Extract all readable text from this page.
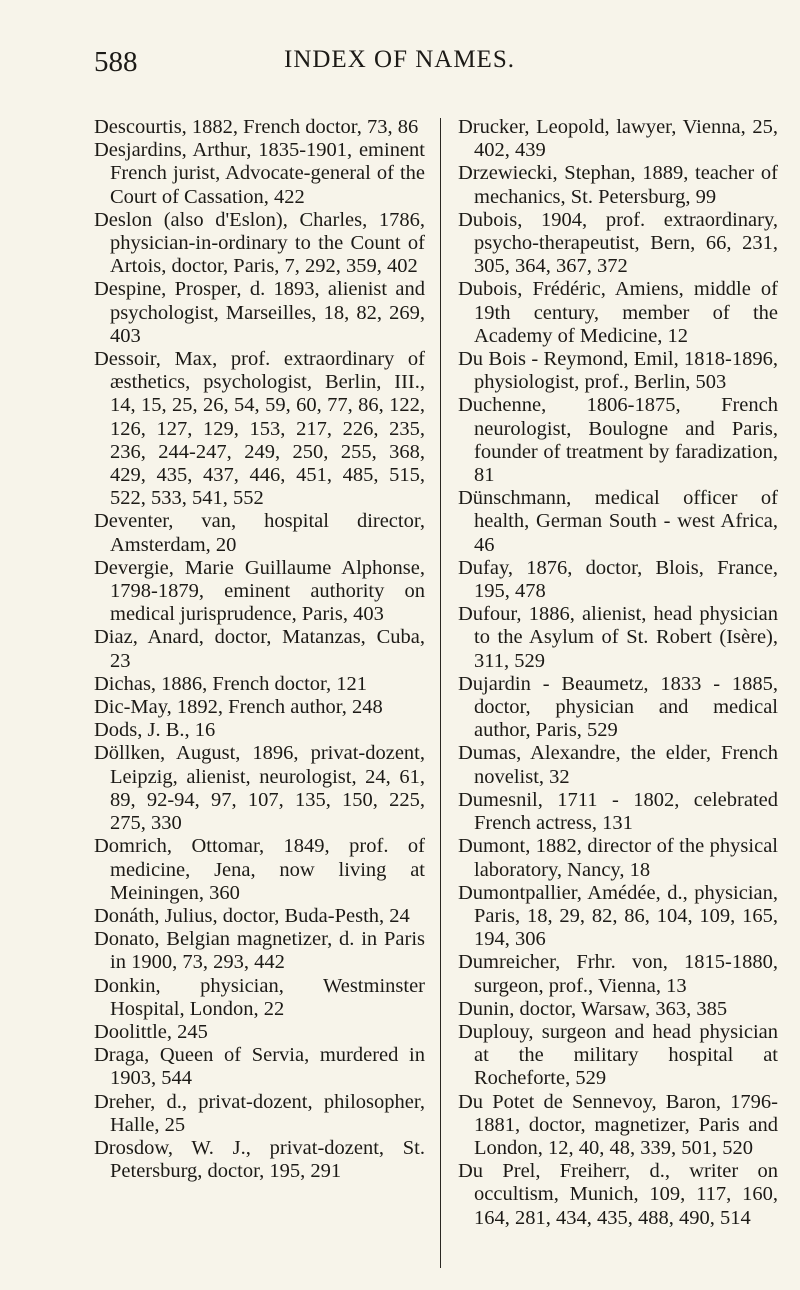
588	INDEX OF NAMES.

Descourtis, 1882, French doctor, 73, 86

Desjardins, Arthur, 1835-1901, eminent French jurist, Advocate-general of the Court of Cassation, 422

Deslon (also d'Eslon), Charles, 1786, physician-in-ordinary to the Count of Artois, doctor, Paris, 7, 292, 359, 402

Despine, Prosper, d. 1893, alienist and psychologist, Marseilles, 18, 82, 269, 403

Dessoir, Max, prof. extraordinary of æsthetics, psychologist, Berlin, III., 14, 15, 25, 26, 54, 59, 60, 77, 86, 122, 126, 127, 129, 153, 217, 226, 235, 236, 244-247, 249, 250, 255, 368, 429, 435, 437, 446, 451, 485, 515, 522, 533, 541, 552

Deventer, van, hospital director, Amsterdam, 20

Devergie, Marie Guillaume Alphonse, 1798-1879, eminent authority on medical jurisprudence, Paris, 403

Diaz, Anard, doctor, Matanzas, Cuba, 23

Dichas, 1886, French doctor, 121

Dic-May, 1892, French author, 248

Dods, J. B., 16

Döllken, August, 1896, privat-dozent, Leipzig, alienist, neurologist, 24, 61, 89, 92-94, 97, 107, 135, 150, 225, 275, 330

Domrich, Ottomar, 1849, prof. of medicine, Jena, now living at Meiningen, 360

Donáth, Julius, doctor, Buda-Pesth, 24

Donato, Belgian magnetizer, d. in Paris in 1900, 73, 293, 442

Donkin, physician, Westminster Hospital, London, 22

Doolittle, 245

Draga, Queen of Servia, murdered in 1903, 544

Dreher, d., privat-dozent, philosopher, Halle, 25

Drosdow, W. J., privat-dozent, St. Petersburg, doctor, 195, 291

Drucker, Leopold, lawyer, Vienna, 25, 402, 439

Drzewiecki, Stephan, 1889, teacher of mechanics, St. Petersburg, 99

Dubois, 1904, prof. extraordinary, psycho-therapeutist, Bern, 66, 231, 305, 364, 367, 372

Dubois, Frédéric, Amiens, middle of 19th century, member of the Academy of Medicine, 12

Du Bois - Reymond, Emil, 1818-1896, physiologist, prof., Berlin, 503

Duchenne, 1806-1875, French neurologist, Boulogne and Paris, founder of treatment by faradization, 81

Dünschmann, medical officer of health, German South - west Africa, 46

Dufay, 1876, doctor, Blois, France, 195, 478

Dufour, 1886, alienist, head physician to the Asylum of St. Robert (Isère), 311, 529

Dujardin - Beaumetz, 1833 - 1885, doctor, physician and medical author, Paris, 529

Dumas, Alexandre, the elder, French novelist, 32

Dumesnil, 1711 - 1802, celebrated French actress, 131

Dumont, 1882, director of the physical laboratory, Nancy, 18

Dumontpallier, Amédée, d., physician, Paris, 18, 29, 82, 86, 104, 109, 165, 194, 306

Dumreicher, Frhr. von, 1815-1880, surgeon, prof., Vienna, 13

Dunin, doctor, Warsaw, 363, 385

Duplouy, surgeon and head physician at the military hospital at Rocheforte, 529

Du Potet de Sennevoy, Baron, 1796-1881, doctor, magnetizer, Paris and London, 12, 40, 48, 339, 501, 520

Du Prel, Freiherr, d., writer on occultism, Munich, 109, 117, 160, 164, 281, 434, 435, 488, 490, 514
